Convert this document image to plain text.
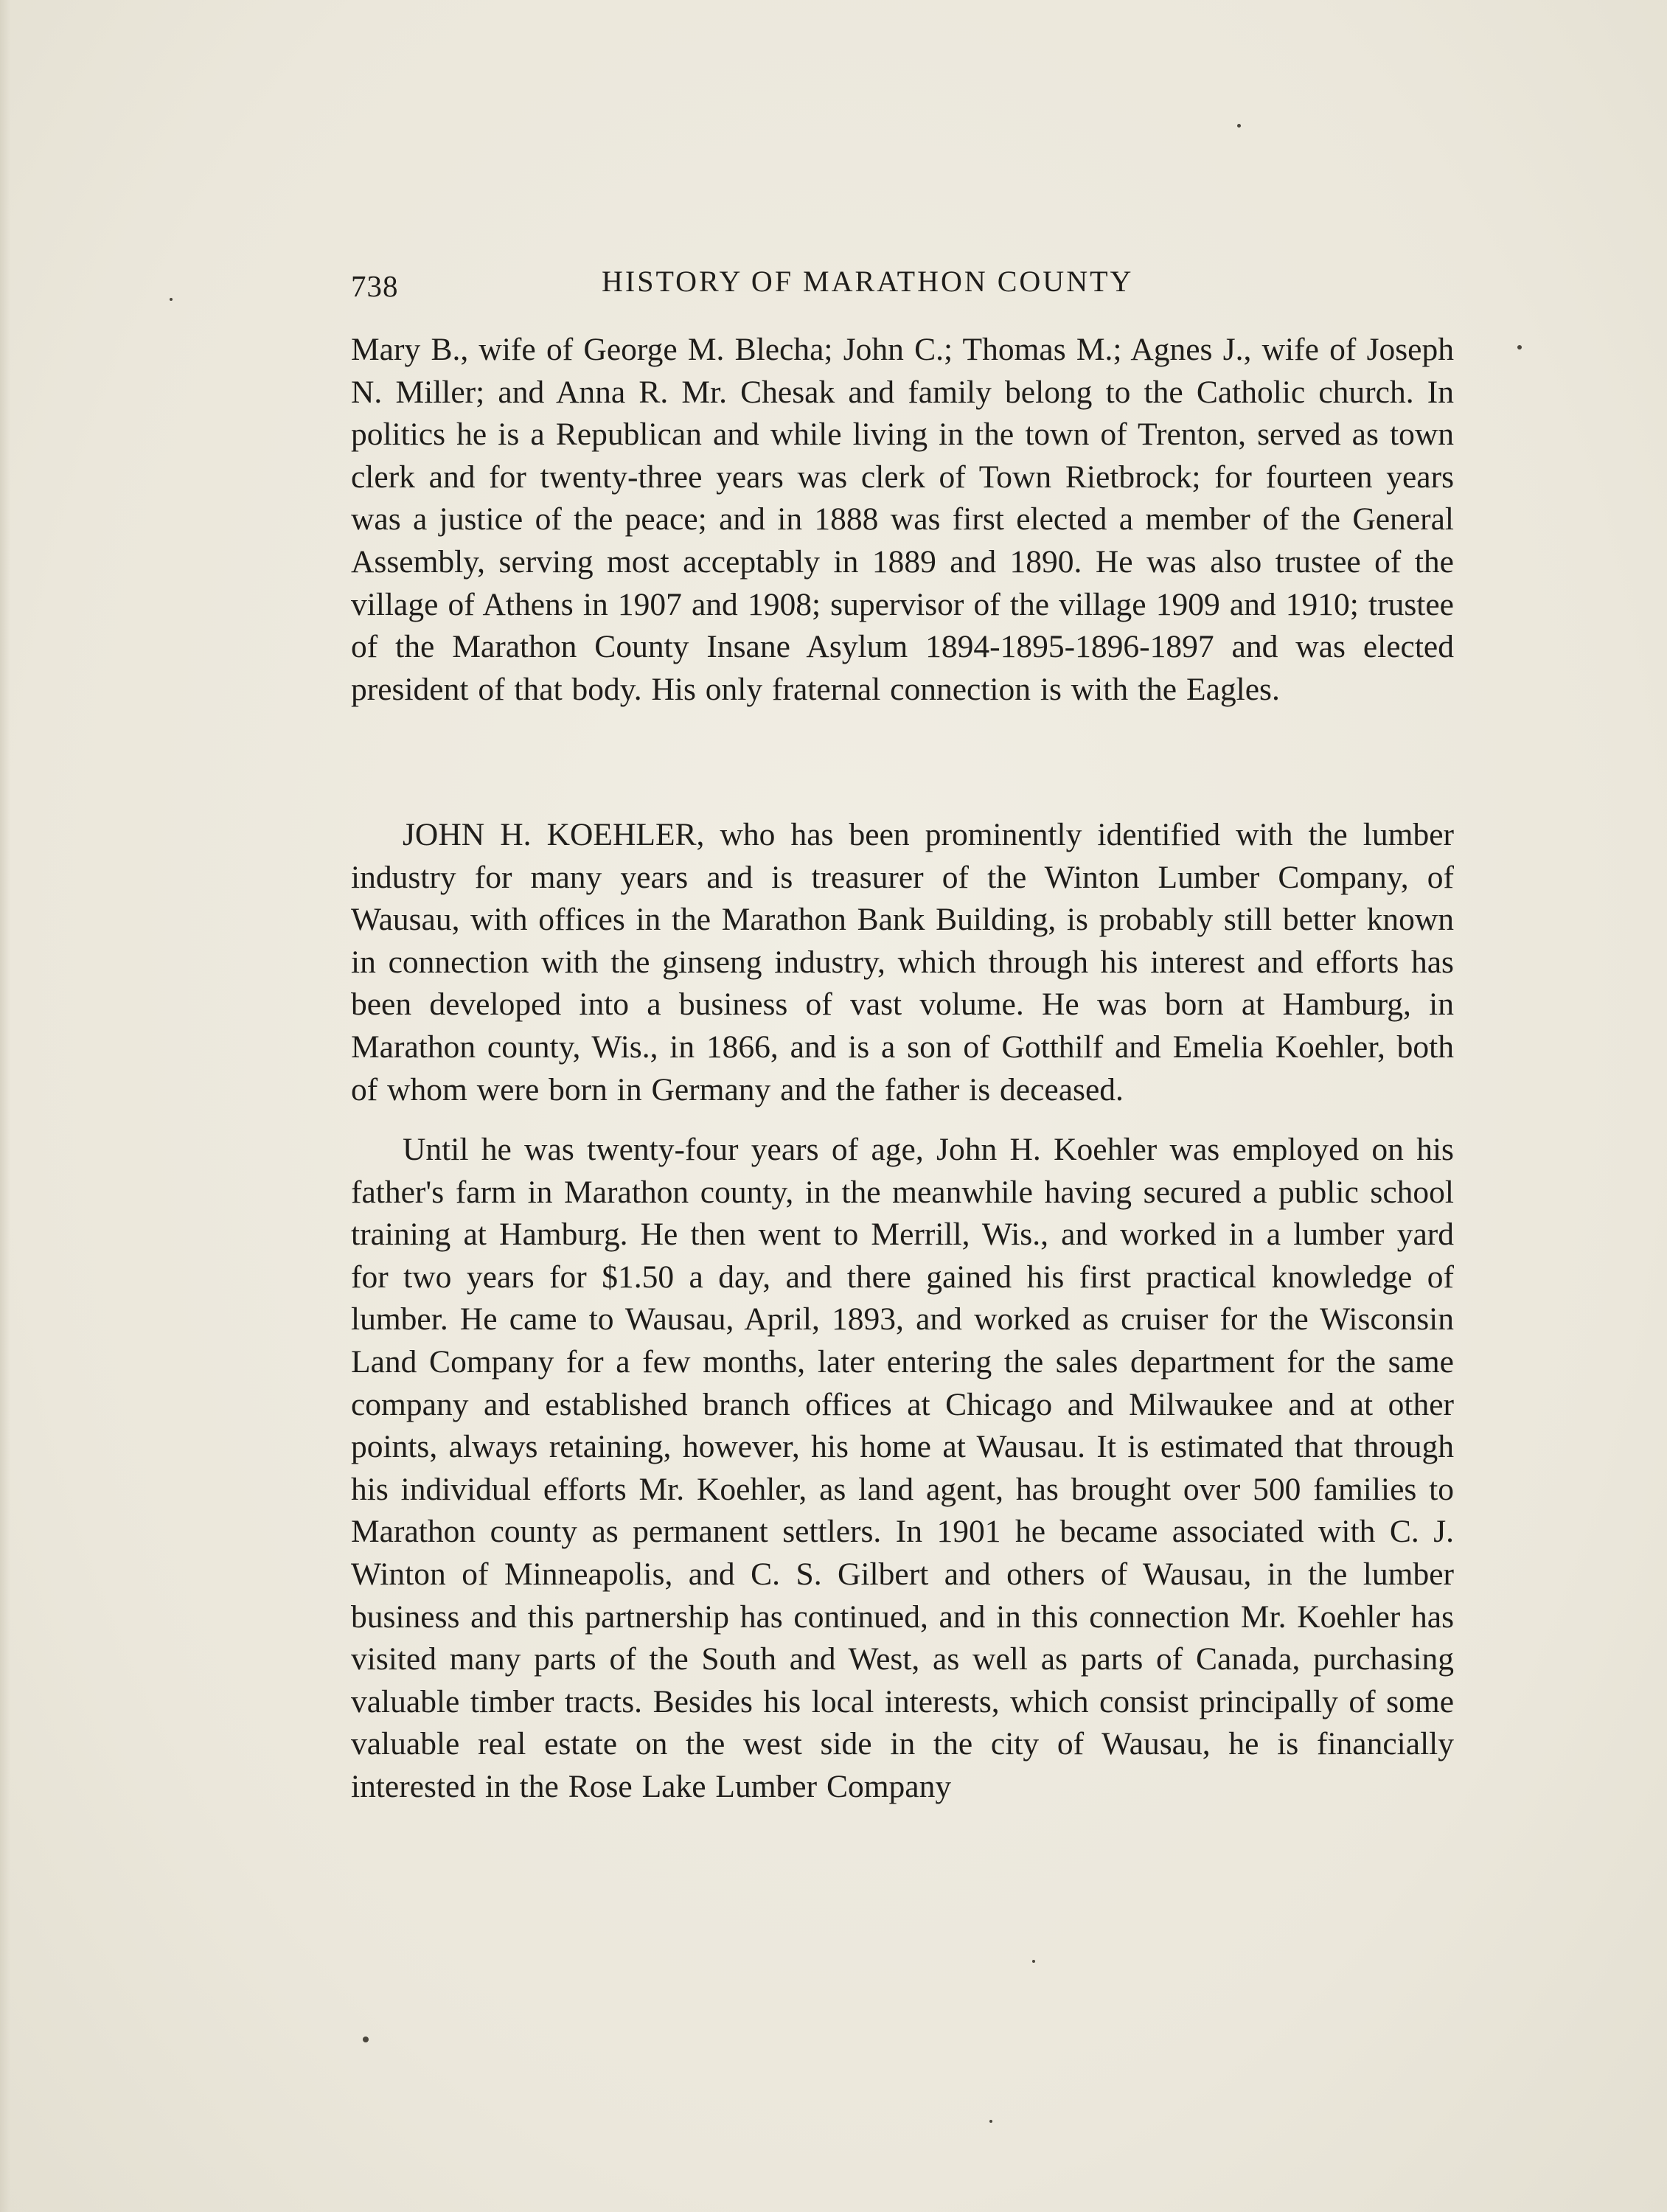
738	HISTORY OF MARATHON COUNTY

Mary B., wife of George M. Blecha; John C.; Thomas M.; Agnes J., wife of Joseph N. Miller; and Anna R. Mr. Chesak and family belong to the Catholic church. In politics he is a Republican and while living in the town of Trenton, served as town clerk and for twenty-three years was clerk of Town Rietbrock; for fourteen years was a justice of the peace; and in 1888 was first elected a member of the General Assembly, serving most acceptably in 1889 and 1890. He was also trustee of the village of Athens in 1907 and 1908; supervisor of the village 1909 and 1910; trustee of the Marathon County Insane Asylum 1894-1895-1896-1897 and was elected president of that body. His only fraternal connection is with the Eagles.

JOHN H. KOEHLER, who has been prominently identified with the lumber industry for many years and is treasurer of the Winton Lumber Company, of Wausau, with offices in the Marathon Bank Building, is probably still better known in connection with the ginseng industry, which through his interest and efforts has been developed into a business of vast volume. He was born at Hamburg, in Marathon county, Wis., in 1866, and is a son of Gotthilf and Emelia Koehler, both of whom were born in Germany and the father is deceased.

Until he was twenty-four years of age, John H. Koehler was employed on his father's farm in Marathon county, in the meanwhile having secured a public school training at Hamburg. He then went to Merrill, Wis., and worked in a lumber yard for two years for $1.50 a day, and there gained his first practical knowledge of lumber. He came to Wausau, April, 1893, and worked as cruiser for the Wisconsin Land Company for a few months, later entering the sales department for the same company and established branch offices at Chicago and Milwaukee and at other points, always retaining, however, his home at Wausau. It is estimated that through his individual efforts Mr. Koehler, as land agent, has brought over 500 families to Marathon county as permanent settlers. In 1901 he became associated with C. J. Winton of Minneapolis, and C. S. Gilbert and others of Wausau, in the lumber business and this partnership has continued, and in this connection Mr. Koehler has visited many parts of the South and West, as well as parts of Canada, purchasing valuable timber tracts. Besides his local interests, which consist principally of some valuable real estate on the west side in the city of Wausau, he is financially interested in the Rose Lake Lumber Company
